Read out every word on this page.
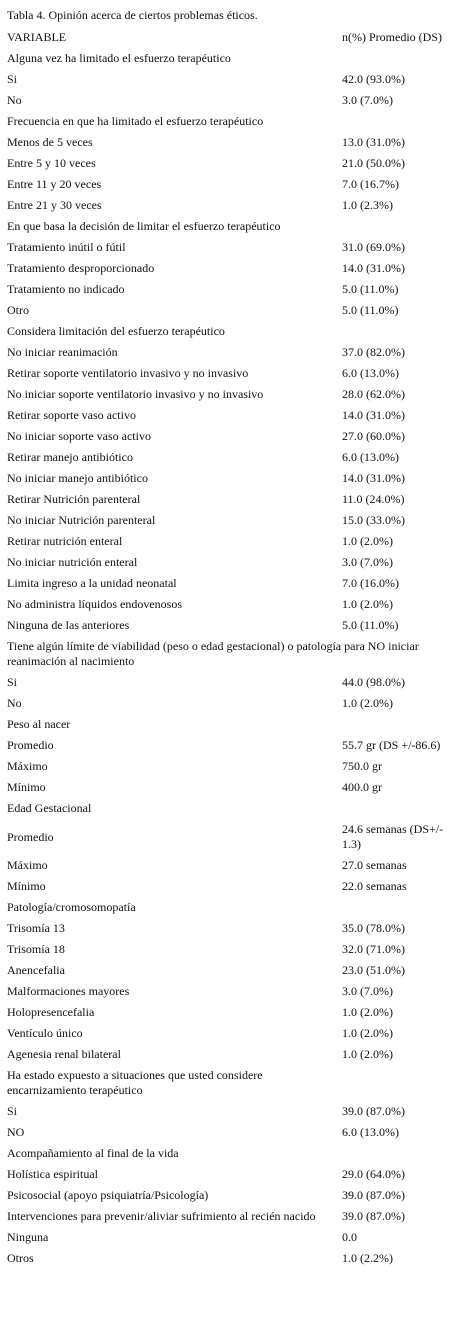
Tabla 4. Opinión acerca de ciertos problemas éticos.
VARIABLE	n(%) Promedio (DS)
Alguna vez ha limitado el esfuerzo terapéutico	
Si	42.0 (93.0%)
No	3.0 (7.0%)
Frecuencia en que ha limitado el esfuerzo terapéutico	
Menos de 5 veces	13.0 (31.0%)
Entre 5 y 10 veces	21.0 (50.0%)
Entre 11 y 20 veces	7.0 (16.7%)
Entre 21 y 30 veces	1.0 (2.3%)
En que basa la decisión de limitar el esfuerzo terapéutico	
Tratamiento inútil o fútil	31.0 (69.0%)
Tratamiento desproporcionado	14.0 (31.0%)
Tratamiento no indicado	5.0 (11.0%)
Otro	5.0 (11.0%)
Considera limitación del esfuerzo terapéutico	
No iniciar reanimación	37.0 (82.0%)
Retirar soporte ventilatorio invasivo y no invasivo	6.0 (13.0%)
No iniciar soporte ventilatorio invasivo y no invasivo	28.0 (62.0%)
Retirar soporte vaso activo	14.0 (31.0%)
No iniciar soporte vaso activo	27.0 (60.0%)
Retirar manejo antibiótico	6.0 (13.0%)
No iniciar manejo antibiótico	14.0 (31.0%)
Retirar Nutrición parenteral	11.0 (24.0%)
No iniciar Nutrición parenteral	15.0 (33.0%)
Retirar nutrición enteral	1.0 (2.0%)
No iniciar nutrición enteral	3.0 (7.0%)
Limita ingreso a la unidad neonatal	7.0 (16.0%)
No administra líquidos endovenosos	1.0 (2.0%)
Ninguna de las anteriores	5.0 (11.0%)
Tiene algún límite de viabilidad (peso o edad gestacional) o patología para NO iniciar reanimación al nacimiento	
Si	44.0 (98.0%)
No	1.0 (2.0%)
Peso al nacer	
Promedio	55.7 gr (DS +/-86.6)
Máximo	750.0 gr
Mínimo	400.0 gr
Edad Gestacional	
Promedio	24.6 semanas (DS+/- 1.3)
Máximo	27.0 semanas
Mínimo	22.0 semanas
Patología/cromosomopatía	
Trisomía 13	35.0 (78.0%)
Trisomía 18	32.0 (71.0%)
Anencefalia	23.0 (51.0%)
Malformaciones mayores	3.0 (7.0%)
Holopresencefalia	1.0 (2.0%)
Ventículo único	1.0 (2.0%)
Agenesia renal bilateral	1.0 (2.0%)
Ha estado expuesto a situaciones que usted considere encarnizamiento terapéutico	
Si	39.0 (87.0%)
NO	6.0 (13.0%)
Acompañamiento al final de la vida	
Holística espiritual	29.0 (64.0%)
Psicosocial (apoyo psiquiatría/Psicología)	39.0 (87.0%)
Intervenciones para prevenir/aliviar sufrimiento al recién nacido	39.0 (87.0%)
Ninguna	0.0
Otros	1.0 (2.2%)
